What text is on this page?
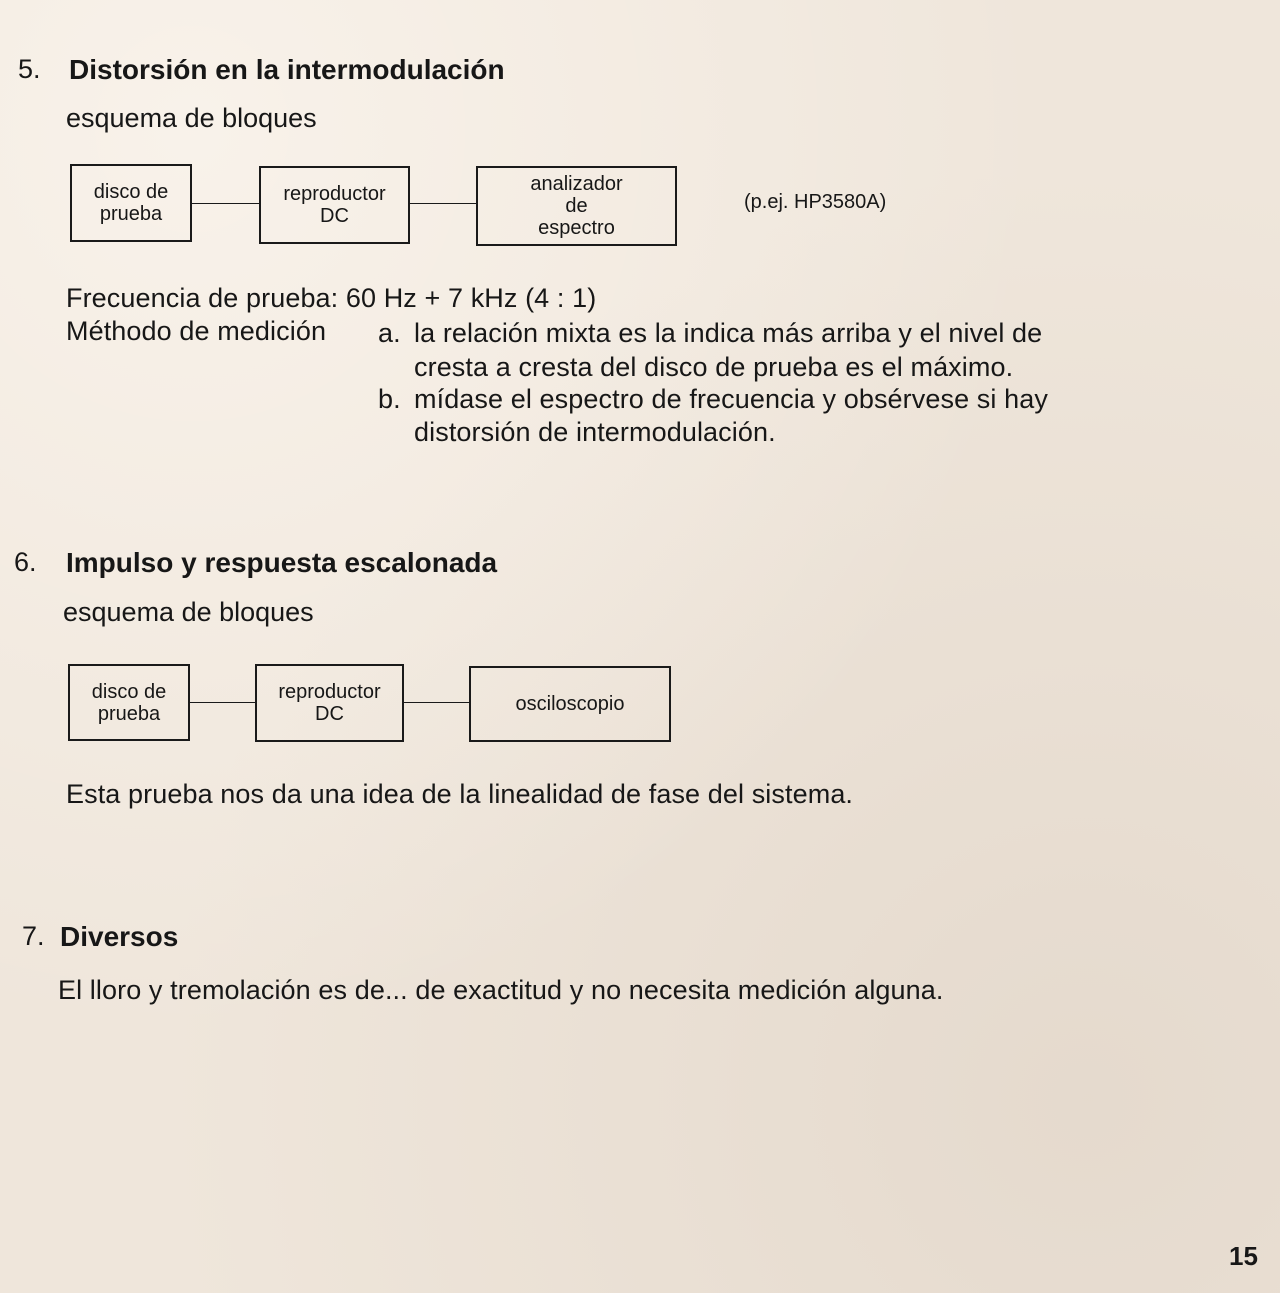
5. Distorsión en la intermodulación
esquema de bloques
disco de
prueba
reproductor
DC
analizador
de
espectro
(p.ej. HP3580A)
Frecuencia de prueba: 60 Hz + 7 kHz (4 : 1)
Méthodo de medición a. la relación mixta es la indica más arriba y el nivel de
cresta a cresta del disco de prueba es el máximo.
b. mídase el espectro de frecuencia y obsérvese si hay
distorsión de intermodulación.
6. Impulso y respuesta escalonada
esquema de bloques
disco de
prueba
reproductor
DC	osciloscopio
Esta prueba nos da una idea de la linealidad de fase del sistema.
7. Diversos
El lloro y tremolación es de... de exactitud y no necesita medición alguna.
15
